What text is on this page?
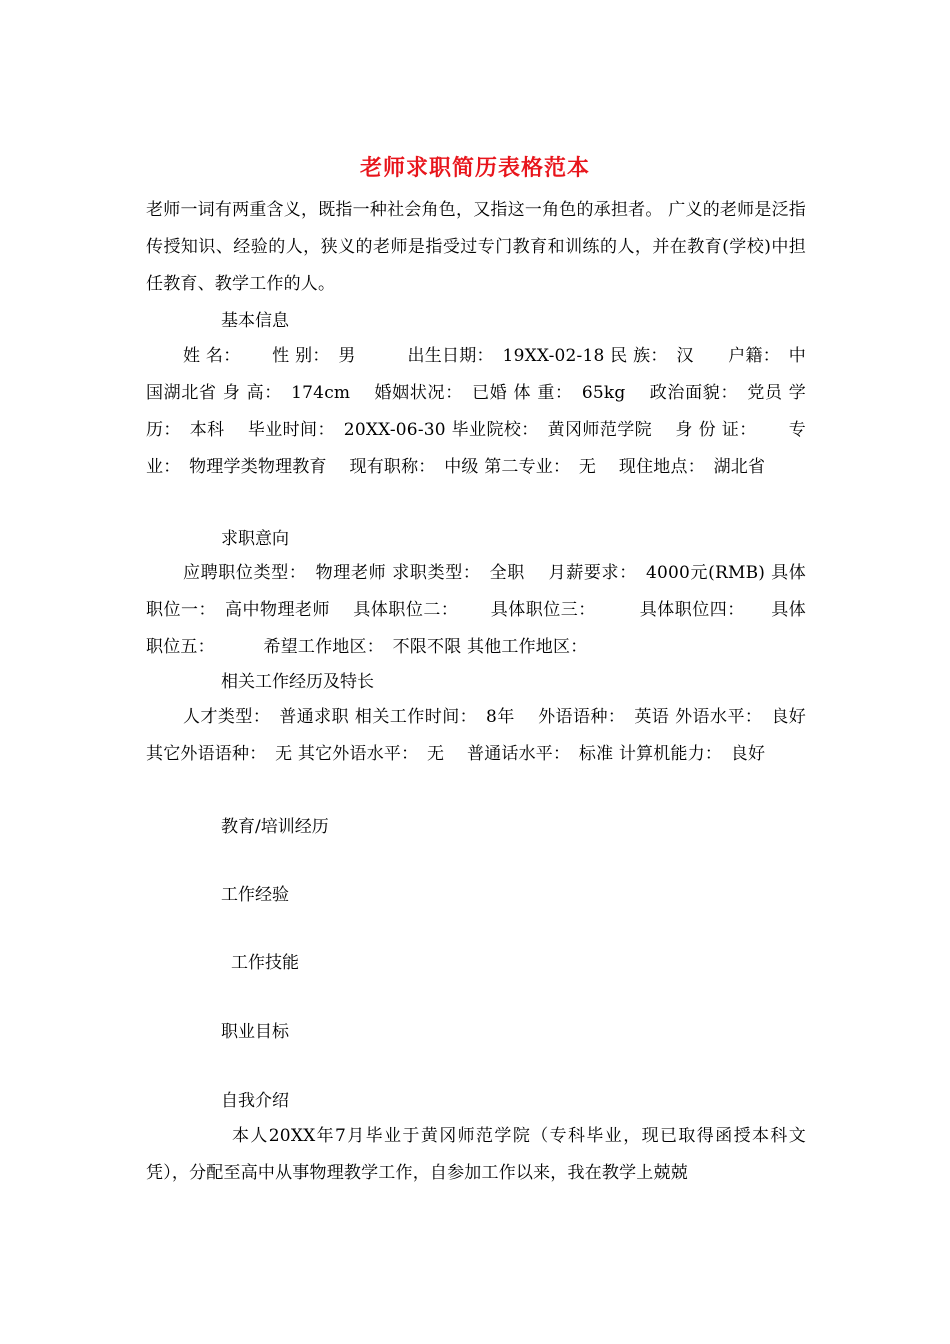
老师求职简历表格范本
老师一词有两重含义，既指一种社会角色，又指这一角色的承担者。 广义的老师是泛指传授知识、经验的人，狭义的老师是指受过专门教育和训练的人，并在教育(学校)中担任教育、教学工作的人。
基本信息
姓 名：　　 性 别：　男　　　出生日期：　19XX-02-18 民 族：　汉　　户籍：　中国湖北省 身 高：　174cm　 婚姻状况：　已婚 体 重：　65kg　 政治面貌：　党员 学 历：　本科　 毕业时间：　20XX-06-30 毕业院校：　黄冈师范学院　 身 份 证：　　 专 业：　物理学类物理教育　 现有职称：　中级 第二专业：　无　 现住地点：　湖北省
求职意向
应聘职位类型：　物理老师 求职类型：　全职　 月薪要求：　4000元(RMB) 具体职位一：　高中物理老师　 具体职位二：　　 具体职位三：　　　具体职位四：　　具体职位五：　　　 希望工作地区：　不限不限 其他工作地区：
相关工作经历及特长
人才类型：　普通求职 相关工作时间：　8年　 外语语种：　英语 外语水平：　良好　 其它外语语种：　无 其它外语水平：　无　 普通话水平：　标准 计算机能力：　良好
教育/培训经历
工作经验
工作技能
职业目标
自我介绍
本人20XX年7月毕业于黄冈师范学院（专科毕业，现已取得函授本科文凭），分配至高中从事物理教学工作，自参加工作以来，我在教学上兢兢
